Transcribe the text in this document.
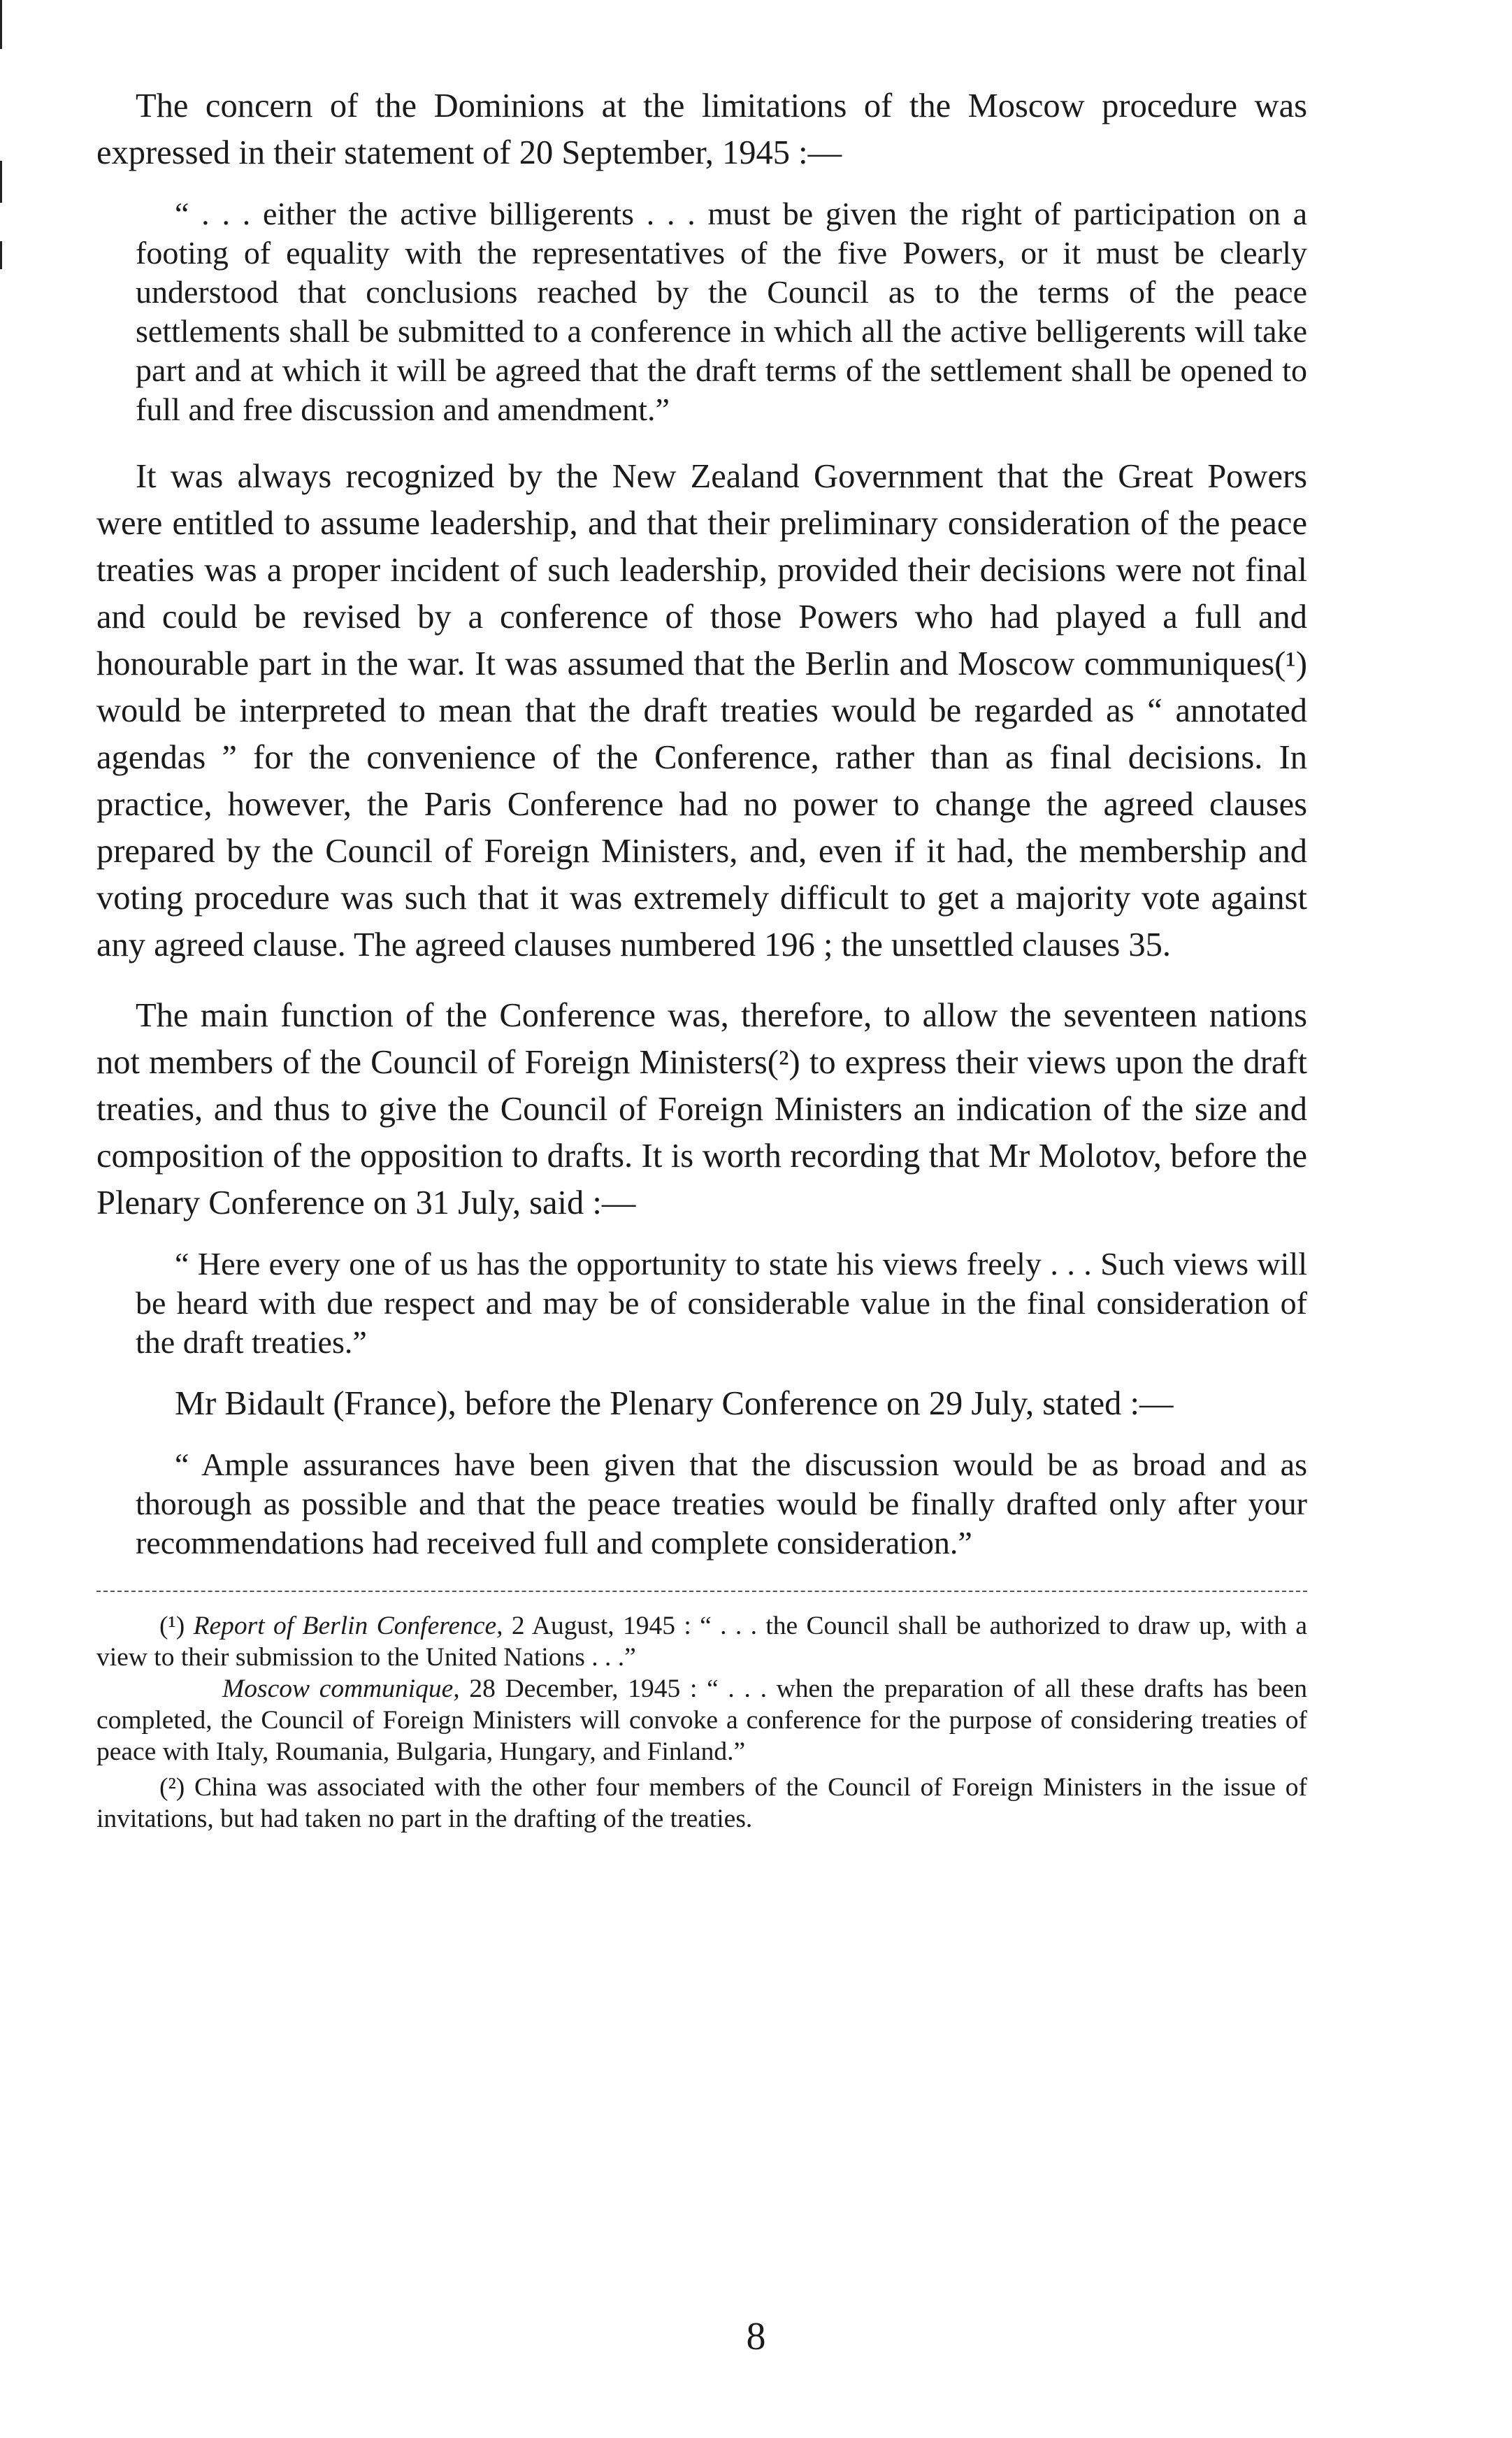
The concern of the Dominions at the limitations of the Moscow procedure was expressed in their statement of 20 September, 1945 :—

“ . . . either the active billigerents . . . must be given the right of participation on a footing of equality with the representatives of the five Powers, or it must be clearly understood that conclusions reached by the Council as to the terms of the peace settlements shall be submitted to a conference in which all the active belligerents will take part and at which it will be agreed that the draft terms of the settlement shall be opened to full and free discussion and amendment.”

It was always recognized by the New Zealand Government that the Great Powers were entitled to assume leadership, and that their preliminary consideration of the peace treaties was a proper incident of such leadership, provided their decisions were not final and could be revised by a conference of those Powers who had played a full and honourable part in the war. It was assumed that the Berlin and Moscow communiques(¹) would be interpreted to mean that the draft treaties would be regarded as “ annotated agendas ” for the convenience of the Conference, rather than as final decisions. In practice, however, the Paris Conference had no power to change the agreed clauses prepared by the Council of Foreign Ministers, and, even if it had, the membership and voting procedure was such that it was extremely difficult to get a majority vote against any agreed clause. The agreed clauses numbered 196 ; the unsettled clauses 35.

The main function of the Conference was, therefore, to allow the seventeen nations not members of the Council of Foreign Ministers(²) to express their views upon the draft treaties, and thus to give the Council of Foreign Ministers an indication of the size and composition of the opposition to drafts. It is worth recording that Mr Molotov, before the Plenary Conference on 31 July, said :—

“ Here every one of us has the opportunity to state his views freely . . . Such views will be heard with due respect and may be of considerable value in the final consideration of the draft treaties.”

Mr Bidault (France), before the Plenary Conference on 29 July, stated :—

“ Ample assurances have been given that the discussion would be as broad and as thorough as possible and that the peace treaties would be finally drafted only after your recommendations had received full and complete consideration.”

(¹) Report of Berlin Conference, 2 August, 1945 : “ . . . the Council shall be authorized to draw up, with a view to their submission to the United Nations . . .”

Moscow communique, 28 December, 1945 : “ . . . when the preparation of all these drafts has been completed, the Council of Foreign Ministers will convoke a conference for the purpose of considering treaties of peace with Italy, Roumania, Bulgaria, Hungary, and Finland.”

(²) China was associated with the other four members of the Council of Foreign Ministers in the issue of invitations, but had taken no part in the drafting of the treaties.

8
